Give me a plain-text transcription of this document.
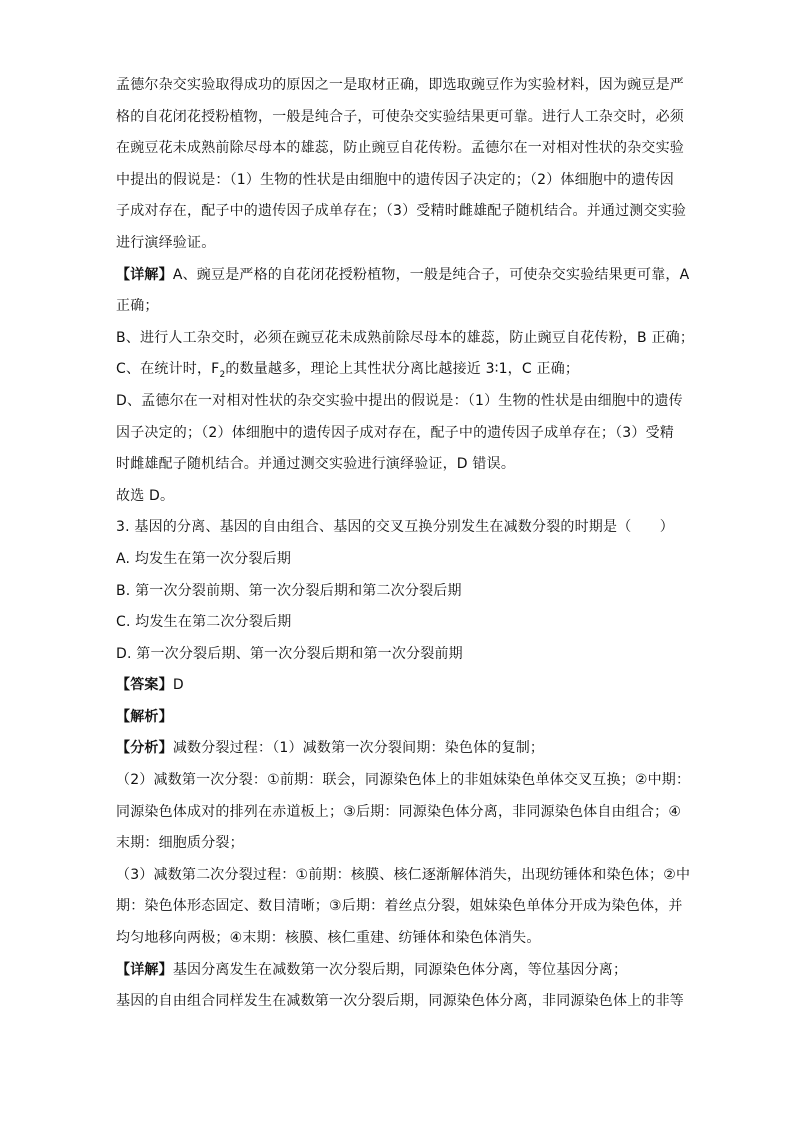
孟德尔杂交实验取得成功的原因之一是取材正确，即选取豌豆作为实验材料，因为豌豆是严
格的自花闭花授粉植物，一般是纯合子，可使杂交实验结果更可靠。进行人工杂交时，必须
在豌豆花未成熟前除尽母本的雄蕊，防止豌豆自花传粉。孟德尔在一对相对性状的杂交实验
中提出的假说是：（1）生物的性状是由细胞中的遗传因子决定的；（2）体细胞中的遗传因
子成对存在，配子中的遗传因子成单存在；（3）受精时雌雄配子随机结合。并通过测交实验
进行演绎验证。
【详解】A、豌豆是严格的自花闭花授粉植物，一般是纯合子，可使杂交实验结果更可靠，A
正确；
B、进行人工杂交时，必须在豌豆花未成熟前除尽母本的雄蕊，防止豌豆自花传粉，B 正确；
C、在统计时，$F_2$的数量越多，理论上其性状分离比越接近 3∶1，C 正确；
D、孟德尔在一对相对性状的杂交实验中提出的假说是：（1）生物的性状是由细胞中的遗传
因子决定的；（2）体细胞中的遗传因子成对存在，配子中的遗传因子成单存在；（3）受精
时雌雄配子随机结合。并通过测交实验进行演绎验证，D 错误。
故选 D。
3. 基因的分离、基因的自由组合、基因的交叉互换分别发生在减数分裂的时期是（　　）
A. 均发生在第一次分裂后期
B. 第一次分裂前期、第一次分裂后期和第二次分裂后期
C. 均发生在第二次分裂后期
D. 第一次分裂后期、第一次分裂后期和第一次分裂前期
【答案】D
【解析】
【分析】减数分裂过程：（1）减数第一次分裂间期：染色体的复制；
（2）减数第一次分裂：①前期：联会，同源染色体上的非姐妹染色单体交叉互换；②中期：
同源染色体成对的排列在赤道板上；③后期：同源染色体分离，非同源染色体自由组合；④
末期：细胞质分裂；
（3）减数第二次分裂过程：①前期：核膜、核仁逐渐解体消失，出现纺锤体和染色体；②中
期：染色体形态固定、数目清晰；③后期：着丝点分裂，姐妹染色单体分开成为染色体，并
均匀地移向两极；④末期：核膜、核仁重建、纺锤体和染色体消失。
【详解】基因分离发生在减数第一次分裂后期，同源染色体分离，等位基因分离；
基因的自由组合同样发生在减数第一次分裂后期，同源染色体分离，非同源染色体上的非等
